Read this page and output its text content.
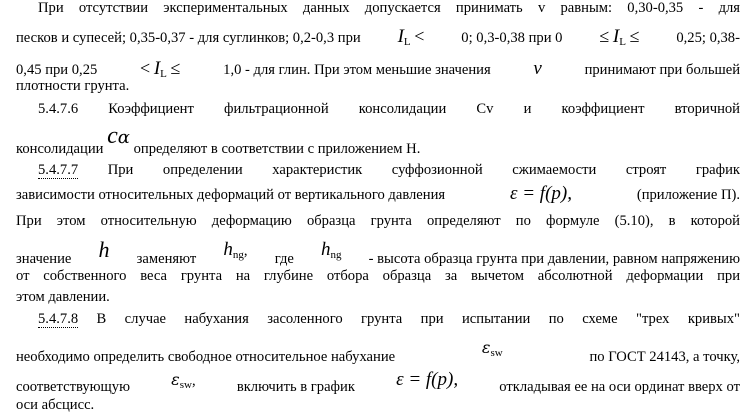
При отсутствии экспериментальных данных допускается принимать v равным: 0,30-0,35 - для
песков и супесей; 0,35-0,37 - для суглинков; 0,2-0,3 при $I_L$ <	0; 0,3-0,38 при $0 \le I_L$ ≤	0,25; 0,38-
0,45 при $0,25 < I_L$ ≤	1,0 - для глин. При этом меньшие значения v	принимают при большей
плотности грунта.
5.4.7.6 Коэффициент фильтрационной консолидации Cv и коэффициент вторичной
консолидации cα определяют в соответствии с приложением Н.
5.4.7.7 При определении характеристик суффозионной сжимаемости строят график
зависимости относительных деформаций от вертикального давления	ε = f(p),	(приложение П).
При этом относительную деформацию образца грунта определяют по формуле (5.10), в которой
значение h заменяют $h_{ng}$, где $h_{ng}$ - высота образца грунта при давлении, равном напряжению
от собственного веса грунта на глубине отбора образца за вычетом абсолютной деформации при
этом давлении.
5.4.7.8 В случае набухания засоленного грунта при испытании по схеме "трех кривых"
необходимо определить свободное относительное набухание	$\varepsilon_{sw}$	по ГОСТ 24143, а точку,
соответствующую	$\varepsilon_{sw}$,	включить в график ε = f(p),	откладывая ее на оси ординат вверх от
оси абсцисс.
